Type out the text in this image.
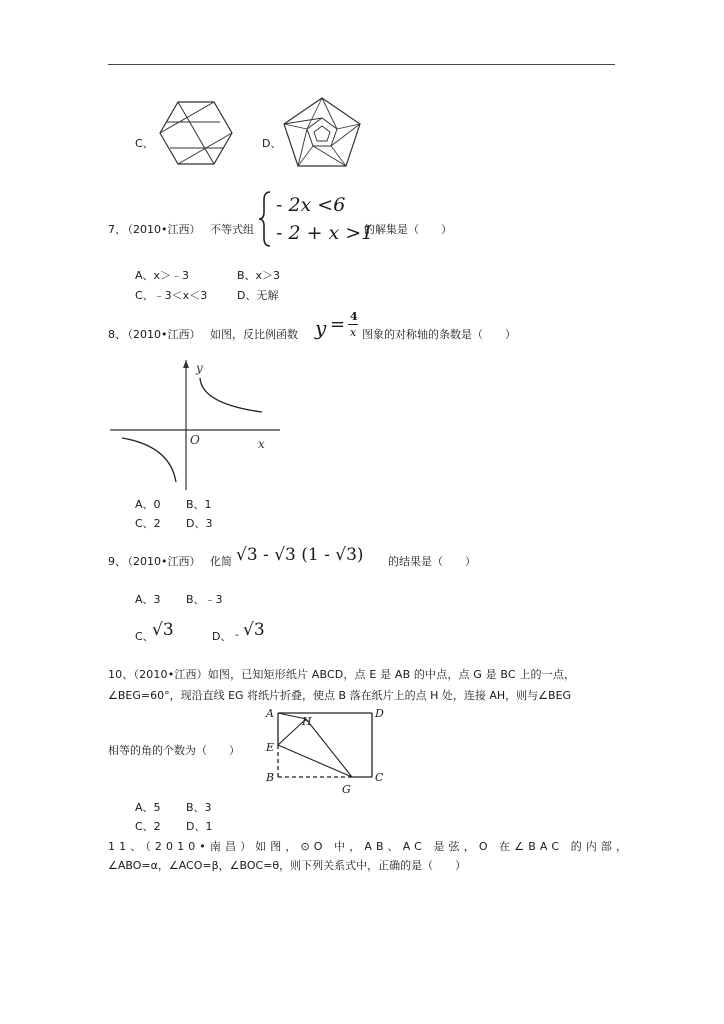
C、	D、
7、
（2010•江西） 不等式组
- 2x <6
- 2 + x >1
的解集是（　　）
A、x＞﹣3	B、x＞3
C、﹣3＜x＜3	D、无解
8、
（2010•江西） 如图，反比例函数 y = 4
x 图象的对称轴的条数是（　　）
y
O	x
A、0 B、1
C、2 D、3
9、
（2010•江西） 化简 √3 - √3 (1 - √3) 的结果是（　　）
A、3 B、﹣3
C、
√3	D、 - √3
10、（2010•江西）如图，已知矩形纸片 ABCD，点 E 是 AB 的中点，点 G 是 BC 上的一点，
∠BEG=60°，现沿直线 EG 将纸片折叠，使点 B 落在纸片上的点 H 处，连接 AH，则与∠BEG
相等的角的个数为（　　）
A
H
D
E
B	C
G
A、5 B、3
C、2 D、1
11、（2010•南昌）如图，⊙O 中，AB、AC 是弦，O 在∠BAC 的内部，
∠ABO=α，∠ACO=β，∠BOC=θ，则下列关系式中，正确的是（　　）
